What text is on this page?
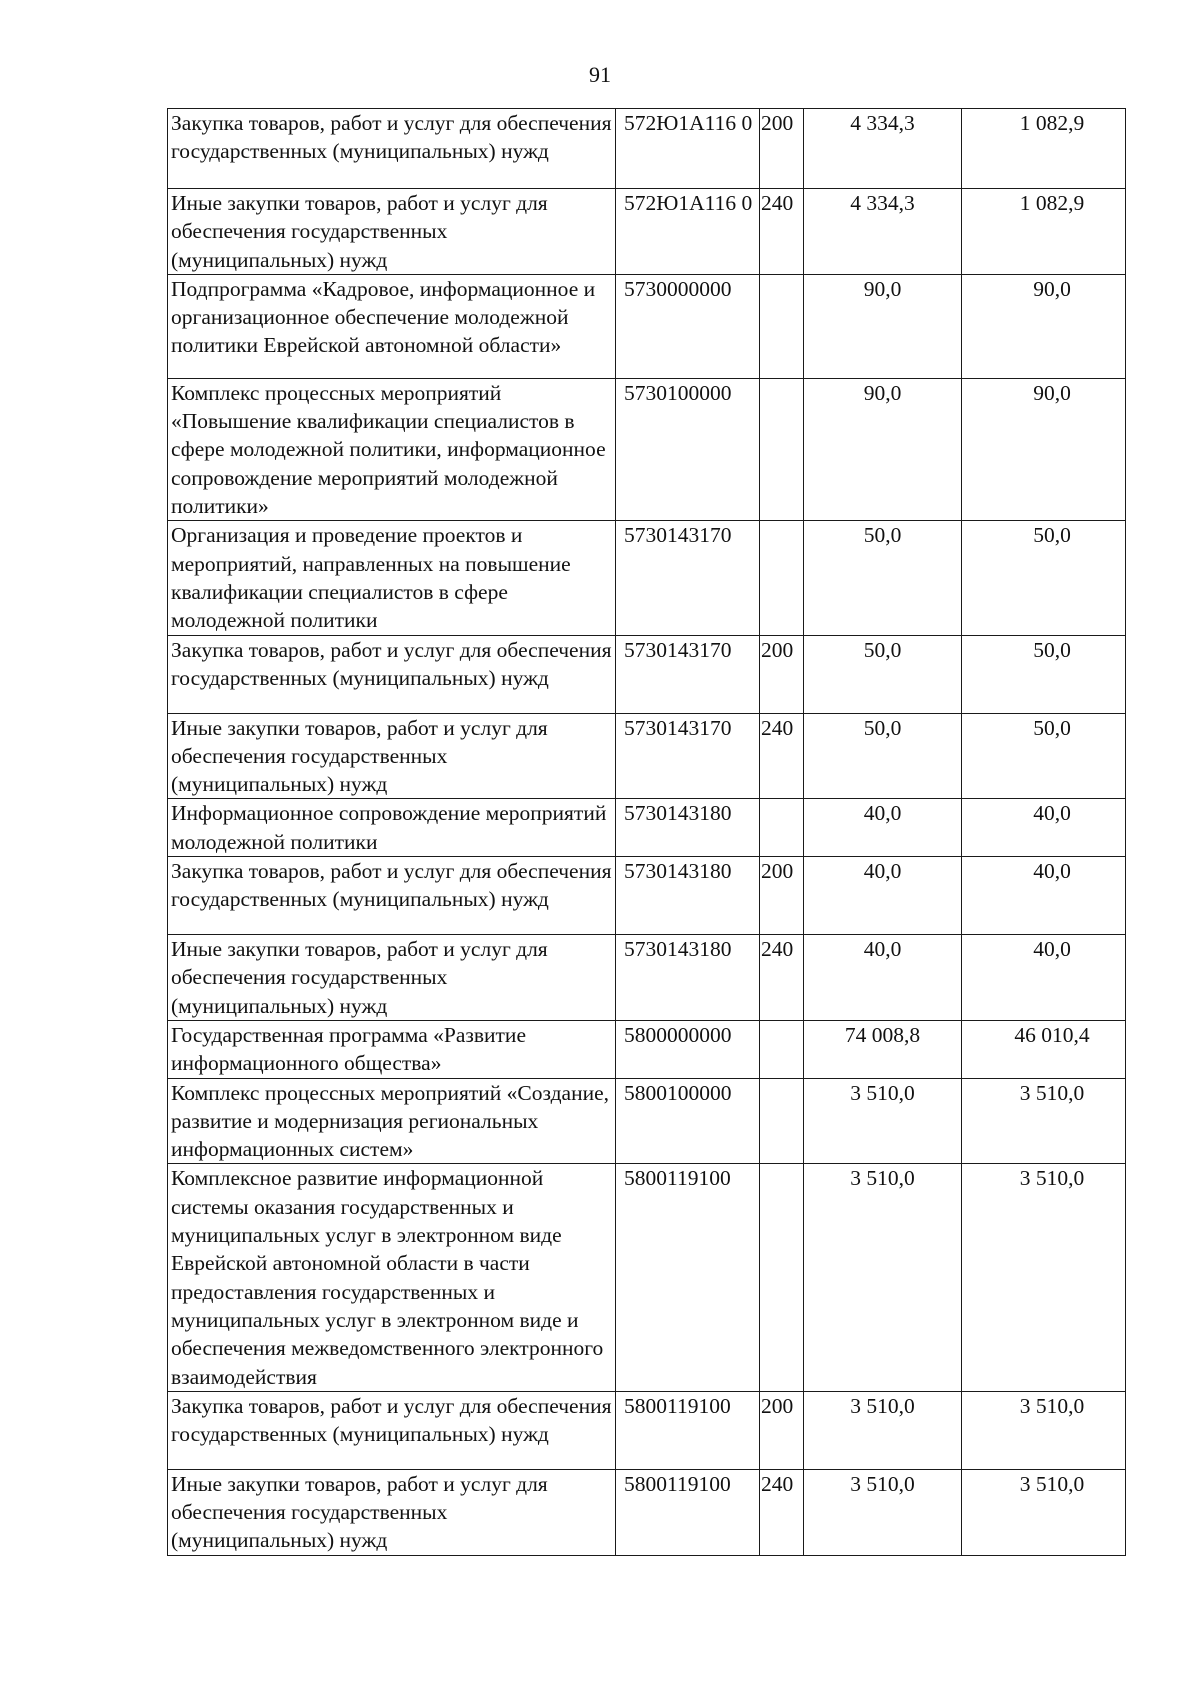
91
Закупка товаров, работ и услуг для обеспечения государственных (муниципальных) нужд	572Ю1А116 0	200	4 334,3	1 082,9
Иные закупки товаров, работ и услуг для обеспечения государственных (муниципальных) нужд	572Ю1А116 0	240	4 334,3	1 082,9
Подпрограмма «Кадровое, информационное и организационное обеспечение молодежной политики Еврейской автономной области»	5730000000		90,0	90,0
Комплекс процессных мероприятий «Повышение квалификации специалистов в сфере молодежной политики, информационное сопровождение мероприятий молодежной политики»	5730100000		90,0	90,0
Организация и проведение проектов и мероприятий, направленных на повышение квалификации специалистов в сфере молодежной политики	5730143170		50,0	50,0
Закупка товаров, работ и услуг для обеспечения государственных (муниципальных) нужд	5730143170	200	50,0	50,0
Иные закупки товаров, работ и услуг для обеспечения государственных (муниципальных) нужд	5730143170	240	50,0	50,0
Информационное сопровождение мероприятий молодежной политики	5730143180		40,0	40,0
Закупка товаров, работ и услуг для обеспечения государственных (муниципальных) нужд	5730143180	200	40,0	40,0
Иные закупки товаров, работ и услуг для обеспечения государственных (муниципальных) нужд	5730143180	240	40,0	40,0
Государственная программа «Развитие информационного общества»	5800000000		74 008,8	46 010,4
Комплекс процессных мероприятий «Создание, развитие и модернизация региональных информационных систем»	5800100000		3 510,0	3 510,0
Комплексное развитие информационной системы оказания государственных и муниципальных услуг в электронном виде Еврейской автономной области в части предоставления государственных и муниципальных услуг в электронном виде и обеспечения межведомственного электронного взаимодействия	5800119100		3 510,0	3 510,0
Закупка товаров, работ и услуг для обеспечения государственных (муниципальных) нужд	5800119100	200	3 510,0	3 510,0
Иные закупки товаров, работ и услуг для обеспечения государственных (муниципальных) нужд	5800119100	240	3 510,0	3 510,0
